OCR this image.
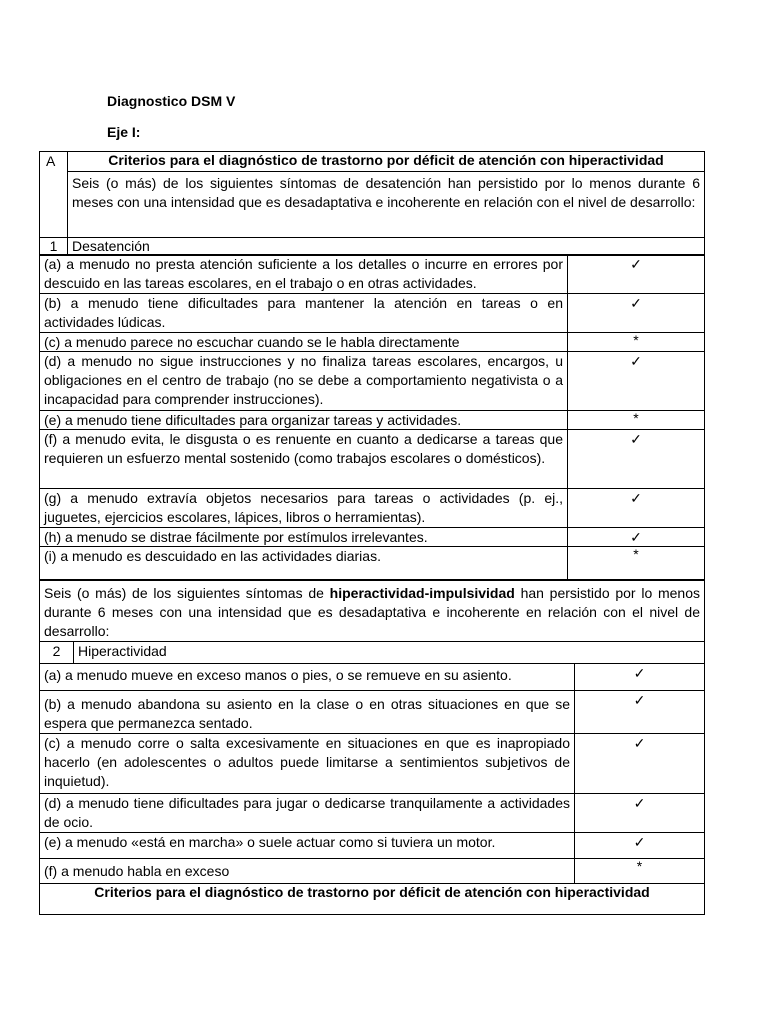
Diagnostico DSM V
Eje I:
A	Criterios para el diagnóstico de trastorno por déficit de atención con hiperactividad
	Seis (o más) de los siguientes síntomas de desatención han persistido por lo menos durante 6 meses con una intensidad que es desadaptativa e incoherente en relación con el nivel de desarrollo:
1	Desatención
(a) a menudo no presta atención suficiente a los detalles o incurre en errores por descuido en las tareas escolares, en el trabajo o en otras actividades.	✓
(b) a menudo tiene dificultades para mantener la atención en tareas o en actividades lúdicas.	✓
(c) a menudo parece no escuchar cuando se le habla directamente	*
(d) a menudo no sigue instrucciones y no finaliza tareas escolares, encargos, u obligaciones en el centro de trabajo (no se debe a comportamiento negativista o a incapacidad para comprender instrucciones).	✓
(e) a menudo tiene dificultades para organizar tareas y actividades.	*
(f) a menudo evita, le disgusta o es renuente en cuanto a dedicarse a tareas que requieren un esfuerzo mental sostenido (como trabajos escolares o domésticos).	✓
(g) a menudo extravía objetos necesarios para tareas o actividades (p. ej., juguetes, ejercicios escolares, lápices, libros o herramientas).	✓
(h) a menudo se distrae fácilmente por estímulos irrelevantes.	✓
(i) a menudo es descuidado en las actividades diarias.	*
Seis (o más) de los siguientes síntomas de hiperactividad-impulsividad han persistido por lo menos durante 6 meses con una intensidad que es desadaptativa e incoherente en relación con el nivel de desarrollo:
2	Hiperactividad
(a) a menudo mueve en exceso manos o pies, o se remueve en su asiento.	✓
(b) a menudo abandona su asiento en la clase o en otras situaciones en que se espera que permanezca sentado.	✓
(c) a menudo corre o salta excesivamente en situaciones en que es inapropiado hacerlo (en adolescentes o adultos puede limitarse a sentimientos subjetivos de inquietud).	✓
(d) a menudo tiene dificultades para jugar o dedicarse tranquilamente a actividades de ocio.	✓
(e) a menudo «está en marcha» o suele actuar como si tuviera un motor.	✓
(f) a menudo habla en exceso	*
Criterios para el diagnóstico de trastorno por déficit de atención con hiperactividad	
